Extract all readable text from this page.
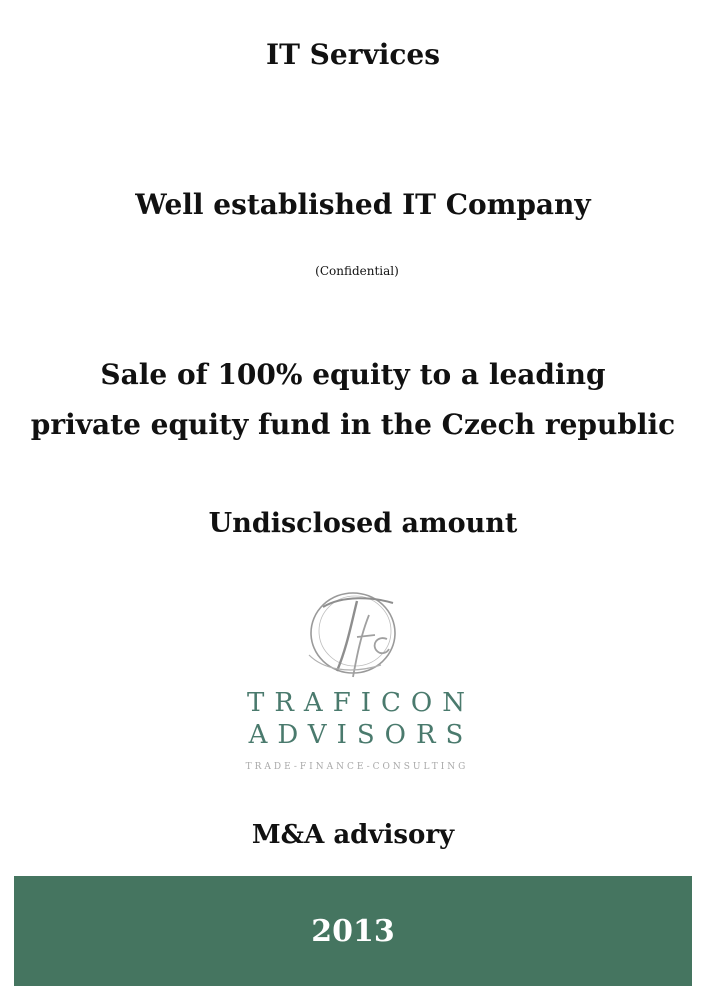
IT Services
Well established IT Company
(Confidential)
Sale of 100% equity to a leading
private equity fund in the Czech republic
Undisclosed amount
TRAFICON
ADVISORS
TRADE-FINANCE-CONSULTING
M&A advisory
2013
